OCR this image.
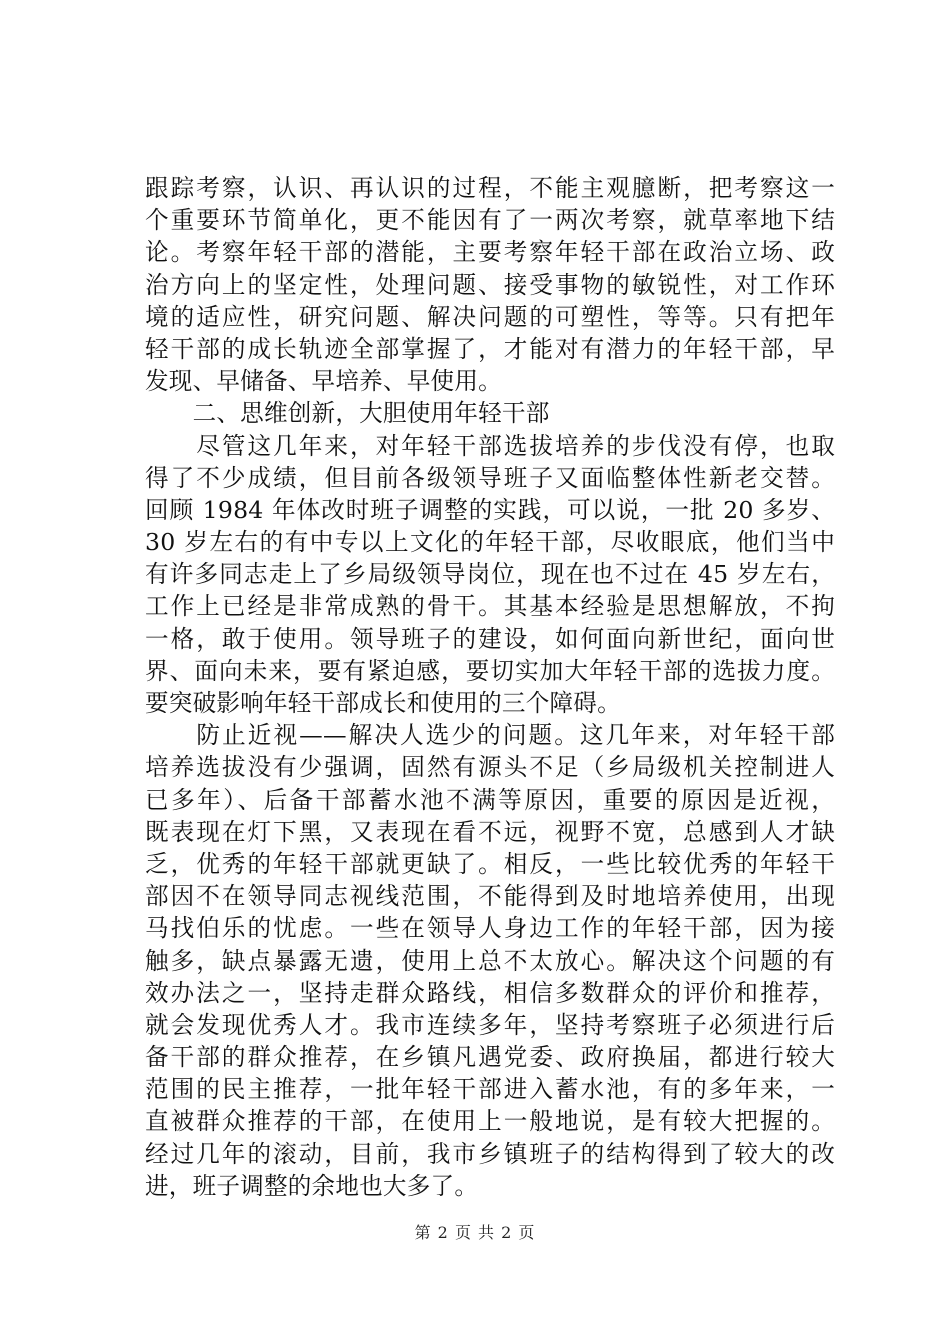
跟踪考察，认识、再认识的过程，不能主观臆断，把考察这一
个重要环节简单化，更不能因有了一两次考察，就草率地下结
论。考察年轻干部的潜能，主要考察年轻干部在政治立场、政
治方向上的坚定性，处理问题、接受事物的敏锐性，对工作环
境的适应性，研究问题、解决问题的可塑性，等等。只有把年
轻干部的成长轨迹全部掌握了，才能对有潜力的年轻干部，早
发现、早储备、早培养、早使用。
　　二、思维创新，大胆使用年轻干部
　　尽管这几年来，对年轻干部选拔培养的步伐没有停，也取
得了不少成绩，但目前各级领导班子又面临整体性新老交替。
回顾 1984 年体改时班子调整的实践，可以说，一批 20 多岁、
30 岁左右的有中专以上文化的年轻干部，尽收眼底，他们当中
有许多同志走上了乡局级领导岗位，现在也不过在 45 岁左右，
工作上已经是非常成熟的骨干。其基本经验是思想解放，不拘
一格，敢于使用。领导班子的建设，如何面向新世纪，面向世
界、面向未来，要有紧迫感，要切实加大年轻干部的选拔力度。
要突破影响年轻干部成长和使用的三个障碍。
　　防止近视——解决人选少的问题。这几年来，对年轻干部
培养选拔没有少强调，固然有源头不足（乡局级机关控制进人
已多年）、后备干部蓄水池不满等原因，重要的原因是近视，
既表现在灯下黑，又表现在看不远，视野不宽，总感到人才缺
乏，优秀的年轻干部就更缺了。相反，一些比较优秀的年轻干
部因不在领导同志视线范围，不能得到及时地培养使用，出现
马找伯乐的忧虑。一些在领导人身边工作的年轻干部，因为接
触多，缺点暴露无遗，使用上总不太放心。解决这个问题的有
效办法之一，坚持走群众路线，相信多数群众的评价和推荐，
就会发现优秀人才。我市连续多年，坚持考察班子必须进行后
备干部的群众推荐，在乡镇凡遇党委、政府换届，都进行较大
范围的民主推荐，一批年轻干部进入蓄水池，有的多年来，一
直被群众推荐的干部，在使用上一般地说，是有较大把握的。
经过几年的滚动，目前，我市乡镇班子的结构得到了较大的改
进，班子调整的余地也大多了。
第 2 页 共 2 页
